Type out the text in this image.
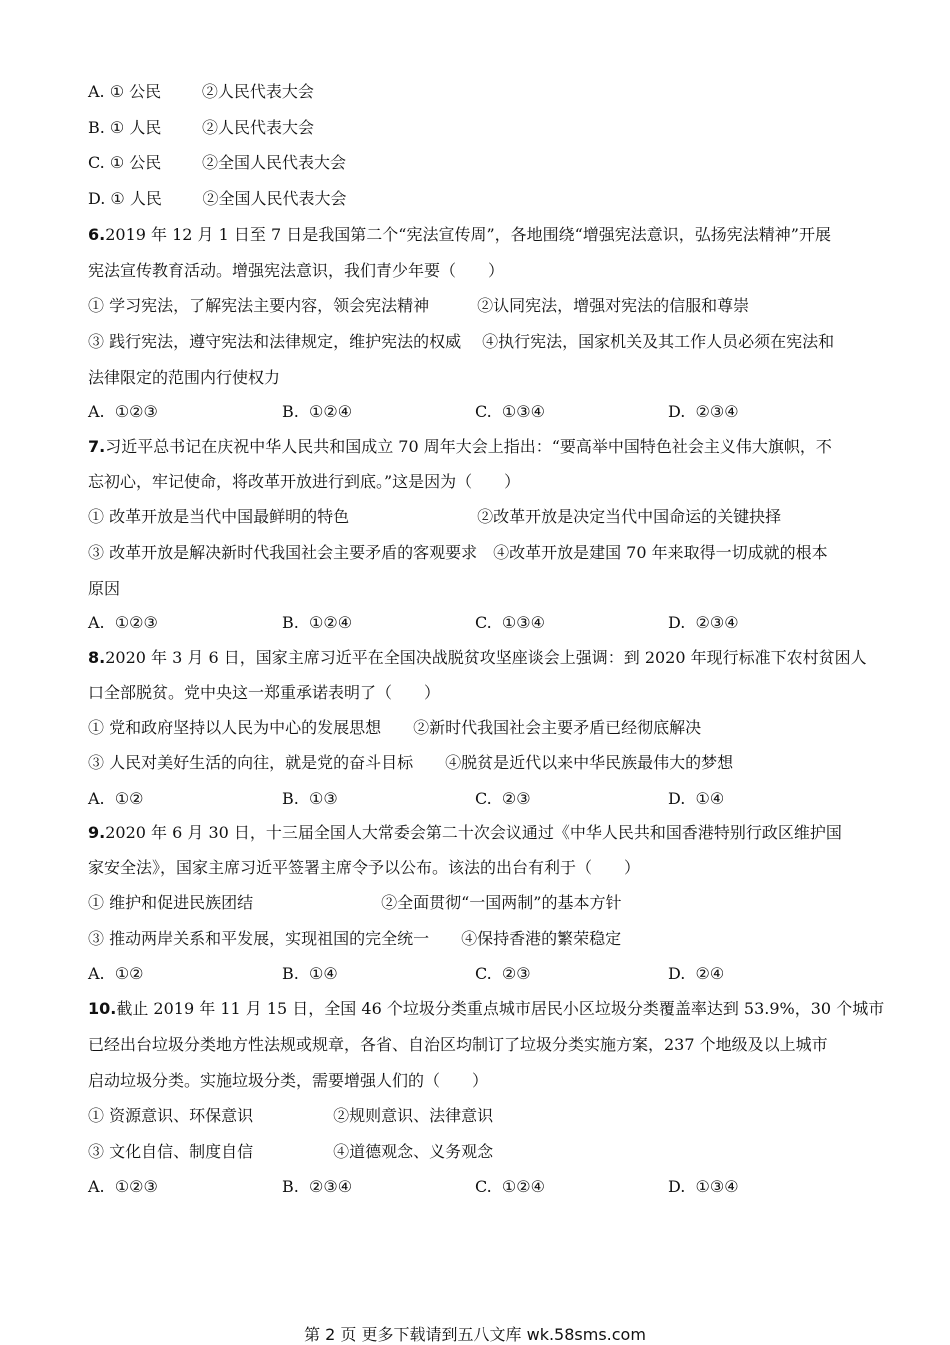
A. ① 公民        ②人民代表大会
B. ① 人民        ②人民代表大会
C. ① 公民        ②全国人民代表大会
D. ① 人民        ②全国人民代表大会
6.2019 年 12 月 1 日至 7 日是我国第二个“宪法宣传周”，各地围绕“增强宪法意识，弘扬宪法精神”开展
宪法宣传教育活动。增强宪法意识，我们青少年要（　　）
① 学习宪法，了解宪法主要内容，领会宪法精神　　　②认同宪法，增强对宪法的信服和尊崇
③ 践行宪法，遵守宪法和法律规定，维护宪法的权威　 ④执行宪法，国家机关及其工作人员必须在宪法和
法律限定的范围内行使权力
A.  ①②③	B.  ①②④	C.  ①③④	D.  ②③④
7.习近平总书记在庆祝中华人民共和国成立 70 周年大会上指出：“要高举中国特色社会主义伟大旗帜，不
忘初心，牢记使命，将改革开放进行到底。”这是因为（　　）
① 改革开放是当代中国最鲜明的特色　　　　　　　　②改革开放是决定当代中国命运的关键抉择
③ 改革开放是解决新时代我国社会主要矛盾的客观要求　④改革开放是建国 70 年来取得一切成就的根本
原因
A.  ①②③	B.  ①②④	C.  ①③④	D.  ②③④
8.2020 年 3 月 6 日，国家主席习近平在全国决战脱贫攻坚座谈会上强调：到 2020 年现行标准下农村贫困人
口全部脱贫。党中央这一郑重承诺表明了（　　）
① 党和政府坚持以人民为中心的发展思想　　②新时代我国社会主要矛盾已经彻底解决
③ 人民对美好生活的向往，就是党的奋斗目标　　④脱贫是近代以来中华民族最伟大的梦想
A.  ①②	B.  ①③	C.  ②③	D.  ①④
9.2020 年 6 月 30 日，十三届全国人大常委会第二十次会议通过《中华人民共和国香港特别行政区维护国
家安全法》，国家主席习近平签署主席令予以公布。该法的出台有利于（　　）
① 维护和促进民族团结　　　　　　　　②全面贯彻“一国两制”的基本方针
③ 推动两岸关系和平发展，实现祖国的完全统一　　④保持香港的繁荣稳定
A.  ①②	B.  ①④	C.  ②③	D.  ②④
10.截止 2019 年 11 月 15 日，全国 46 个垃圾分类重点城市居民小区垃圾分类覆盖率达到 53.9%，30 个城市
已经出台垃圾分类地方性法规或规章，各省、自治区均制订了垃圾分类实施方案，237 个地级及以上城市
启动垃圾分类。实施垃圾分类，需要增强人们的（　　）
① 资源意识、环保意识　　　　　②规则意识、法律意识
③ 文化自信、制度自信　　　　　④道德观念、义务观念
A.  ①②③	B.  ②③④	C.  ①②④	D.  ①③④
第 2 页 更多下载请到五八文库 wk.58sms.com
